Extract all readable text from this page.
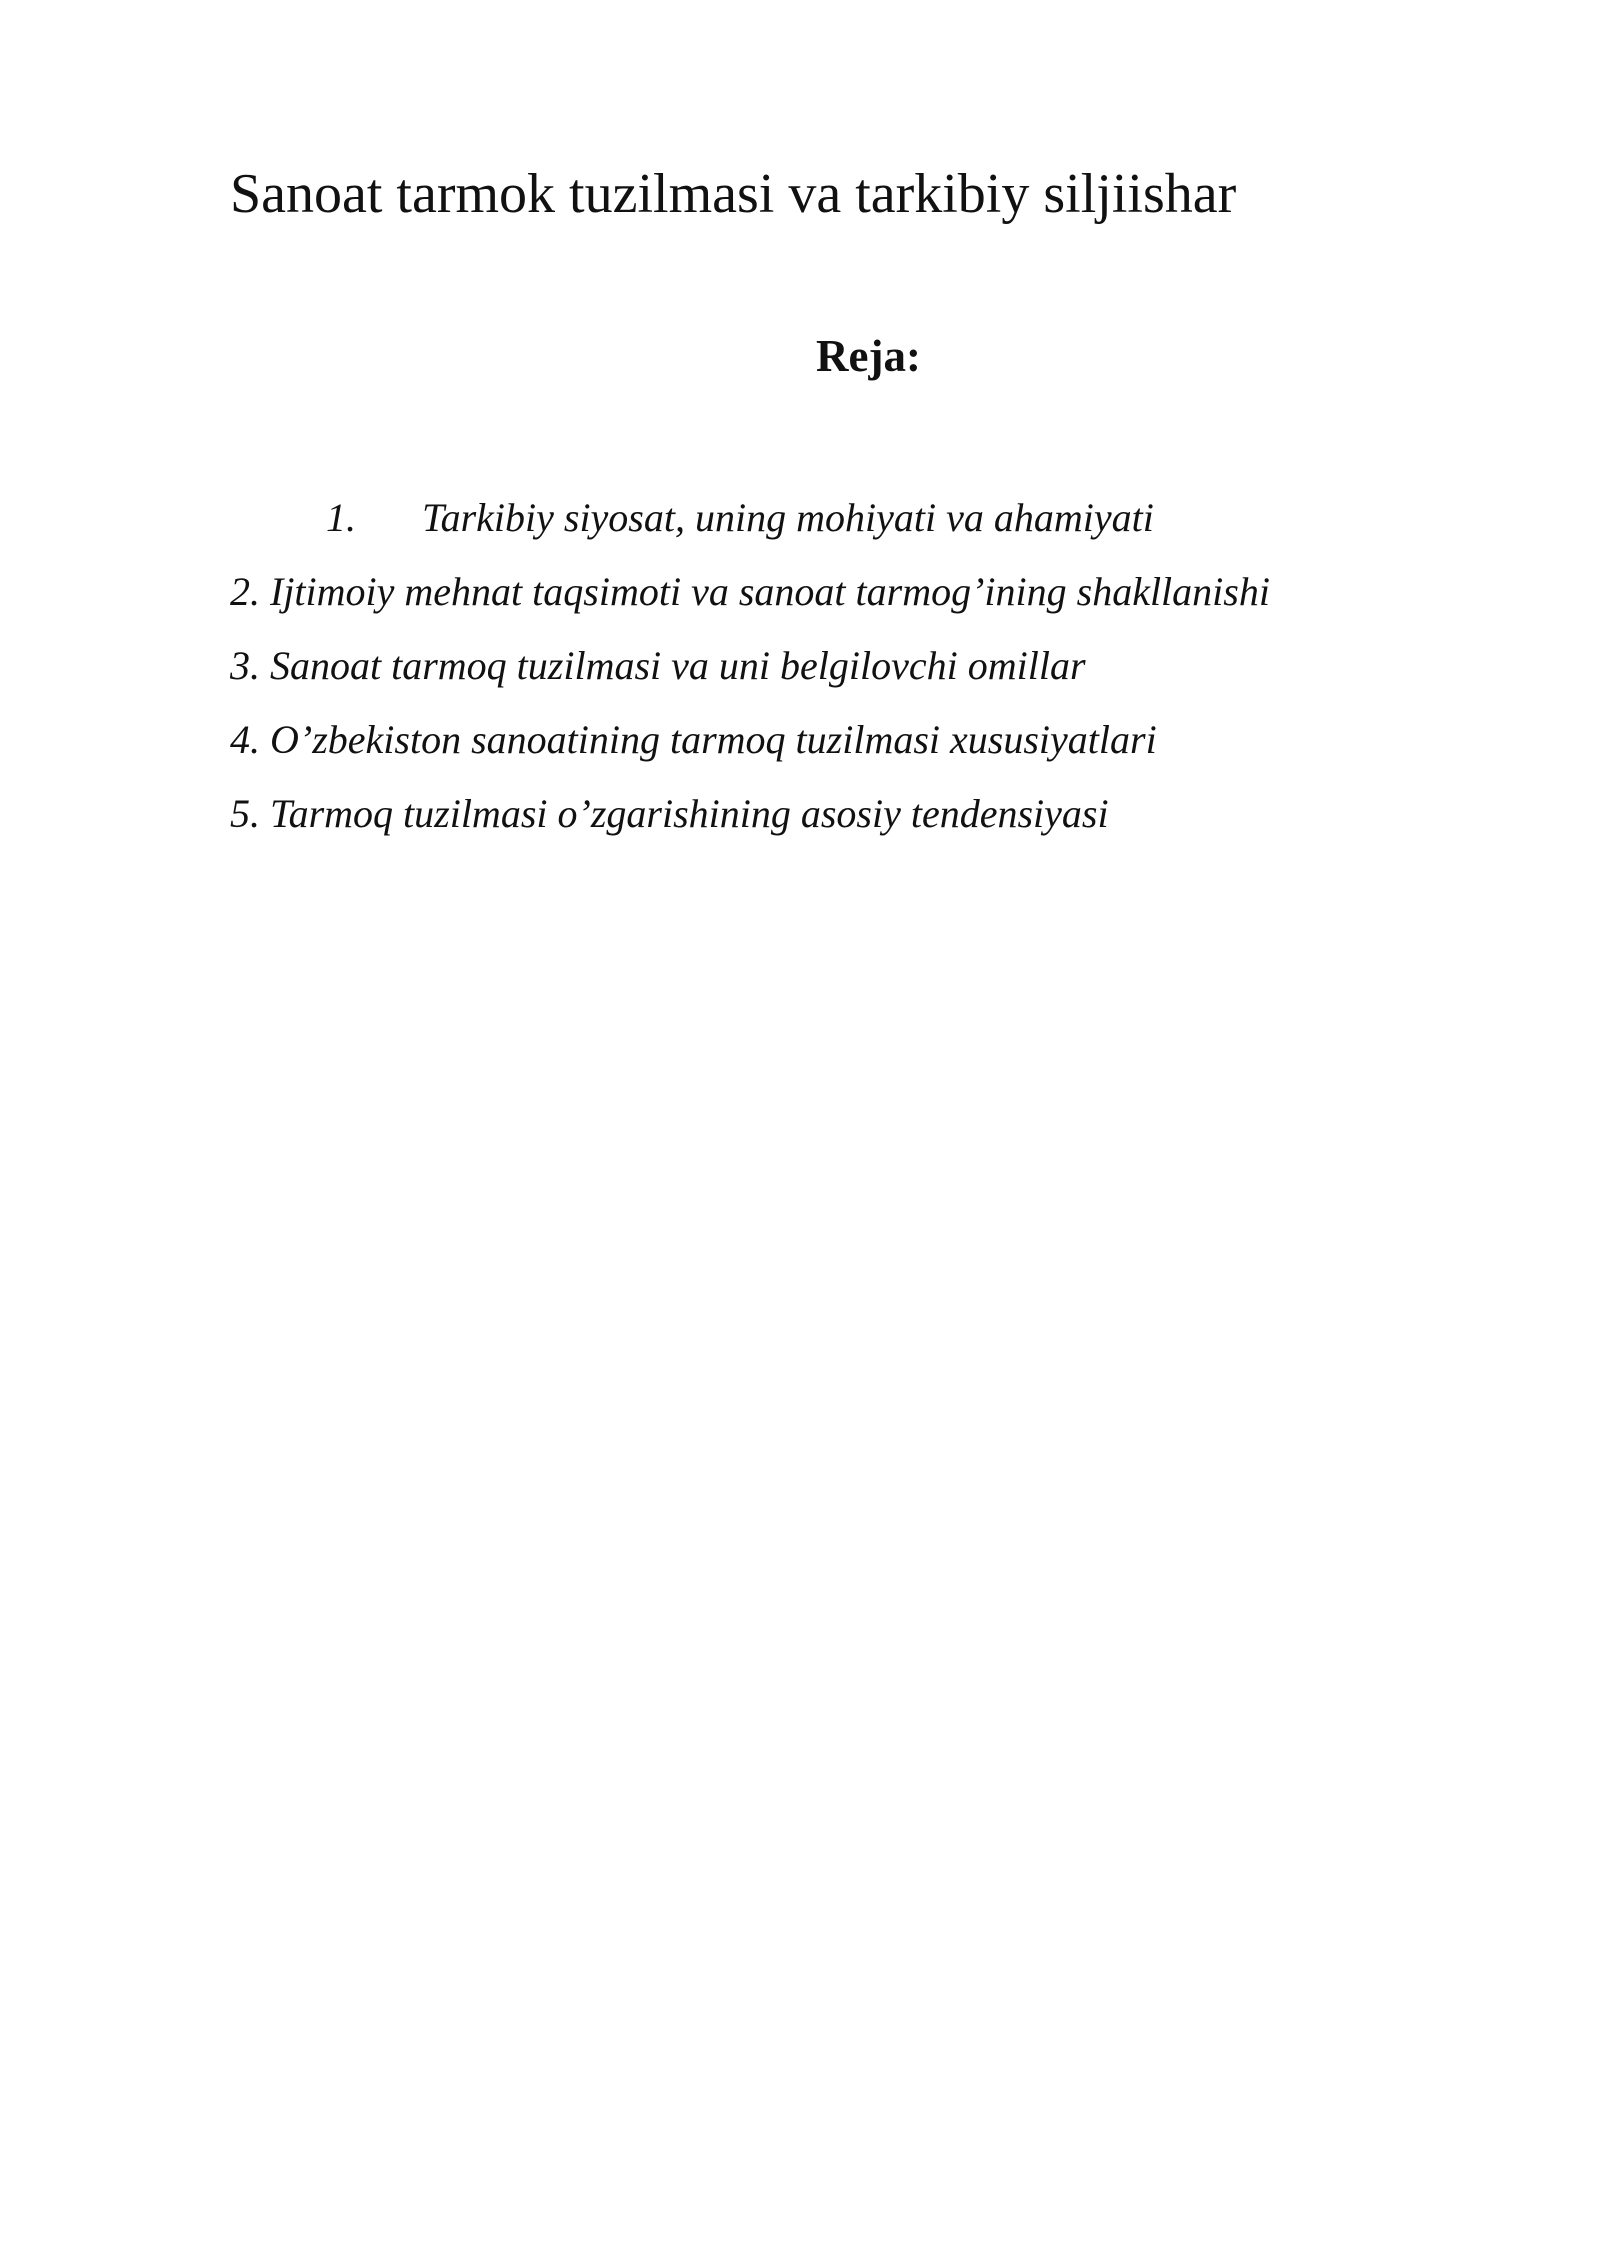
Sanoat tarmok tuzilmasi va tarkibiy siljiishar
Reja:
1.	Tarkibiy siyosat, uning mohiyati va ahamiyati
2. Ijtimoiy mehnat taqsimoti va sanoat tarmog’ining shakllanishi
3. Sanoat tarmoq tuzilmasi va uni belgilovchi omillar
4. O’zbekiston sanoatining tarmoq tuzilmasi xususiyatlari
5. Tarmoq tuzilmasi o’zgarishining asosiy tendensiyasi
